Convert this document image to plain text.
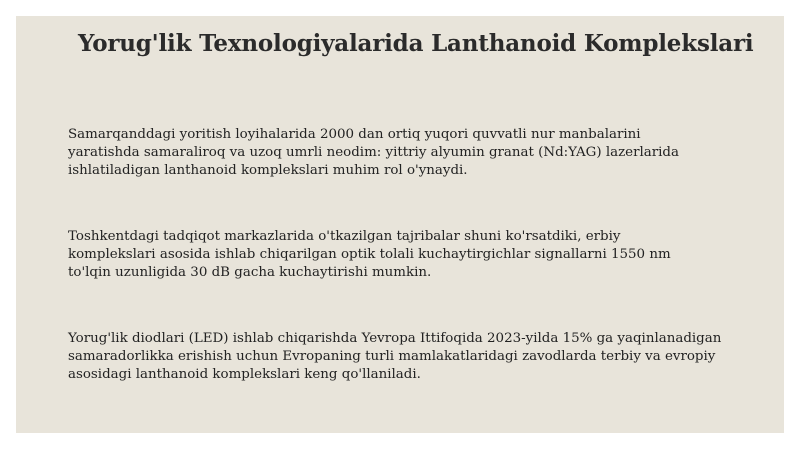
Yorug'lik Texnologiyalarida Lanthanoid Komplekslari

Samarqanddagi yoritish loyihalarida 2000 dan ortiq yuqori quvvatli nur manbalarini
yaratishda samaraliroq va uzoq umrli neodim: yittriy alyumin granat (Nd:YAG) lazerlarida
ishlatiladigan lanthanoid komplekslari muhim rol o'ynaydi.

Toshkentdagi tadqiqot markazlarida o'tkazilgan tajribalar shuni ko'rsatdiki, erbiy
komplekslari asosida ishlab chiqarilgan optik tolali kuchaytirgichlar signallarni 1550 nm
to'lqin uzunligida 30 dB gacha kuchaytirishi mumkin.

Yorug'lik diodlari (LED) ishlab chiqarishda Yevropa Ittifoqida 2023-yilda 15% ga yaqinlanadigan
samaradorlikka erishish uchun Evropaning turli mamlakatlaridagi zavodlarda terbiy va evropiy
asosidagi lanthanoid komplekslari keng qo'llaniladi.
